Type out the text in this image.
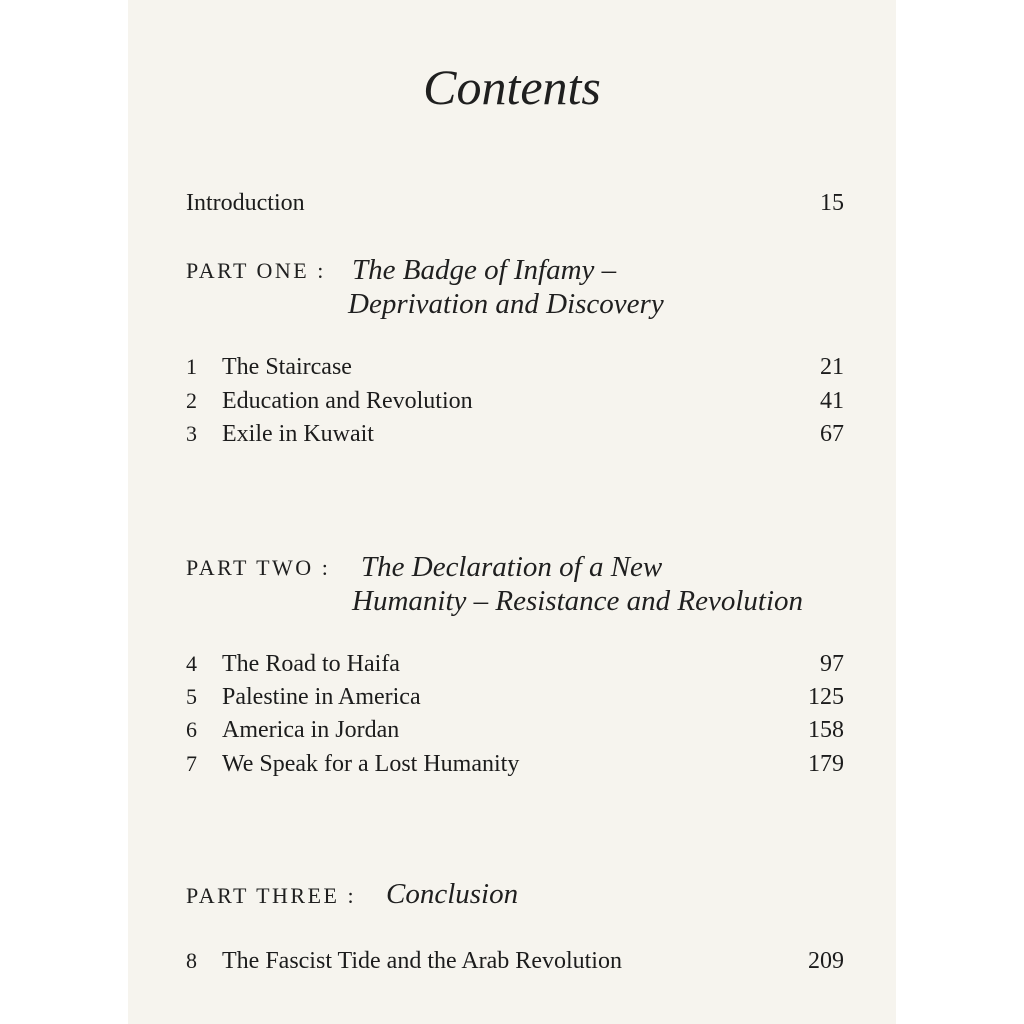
Contents
Introduction	15
PART ONE : The Badge of Infamy –
Deprivation and Discovery
1	The Staircase	21
2	Education and Revolution	41
3	Exile in Kuwait	67
PART TWO : The Declaration of a New
Humanity – Resistance and Revolution
4	The Road to Haifa	97
5	Palestine in America	125
6	America in Jordan	158
7	We Speak for a Lost Humanity	179
PART THREE : Conclusion
8	The Fascist Tide and the Arab Revolution	209
